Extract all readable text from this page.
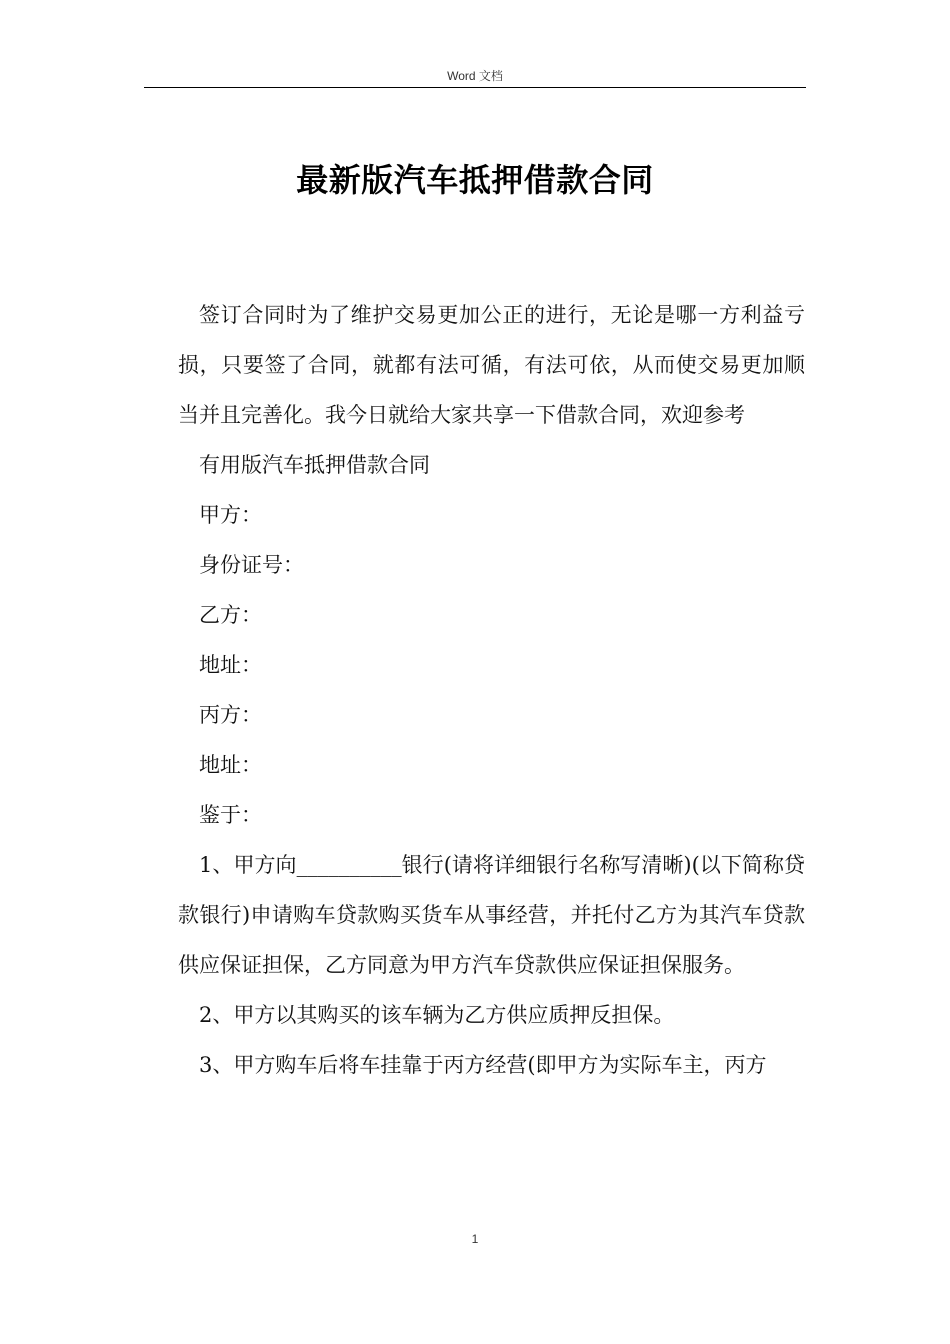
Word 文档
最新版汽车抵押借款合同

签订合同时为了维护交易更加公正的进行，无论是哪一方利益亏损，只要签了合同，就都有法可循，有法可依，从而使交易更加顺当并且完善化。我今日就给大家共享一下借款合同，欢迎参考

有用版汽车抵押借款合同

甲方：

身份证号：

乙方：

地址：

丙方：

地址：

鉴于：

1、甲方向__________银行(请将详细银行名称写清晰)(以下简称贷款银行)申请购车贷款购买货车从事经营，并托付乙方为其汽车贷款供应保证担保，乙方同意为甲方汽车贷款供应保证担保服务。

2、甲方以其购买的该车辆为乙方供应质押反担保。

3、甲方购车后将车挂靠于丙方经营(即甲方为实际车主，丙方

1
